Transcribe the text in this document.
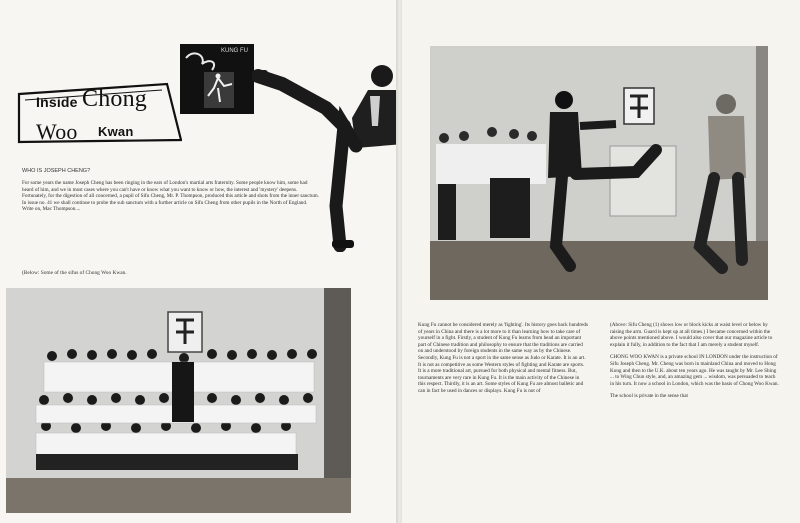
Inside Chong
Woo Kwan
KUNG FU
WHO IS JOSEPH CHENG?
For some years the name Joseph Cheng has been ringing in the ears of London's martial arts fraternity. Some people know him, some had heard of him, and we in most cases where you can't have or know what you want to know or how, the interest and 'mystery' deepens. Fortunately, for the digestion of all concerned, a pupil of Sifu Cheng, Mr. P. Thompson, produced this article and shots from the inner sanctum. In issue no. 41 we shall continue to probe the sub sanctum with a further article on Sifu Cheng from other pupils in the North of England. Write on, Mac Thompson....
(Below: Some of the sifus of Chong Woo Kwan.

Kung Fu cannot be considered merely as 'fighting'. Its history goes back hundreds of years in China and there is a lot more to it than learning how to take care of yourself in a fight. Firstly, a student of Kung Fu learns from head an important part of Chinese tradition and philosophy to ensure that the traditions are carried on and understood by foreign students in the same way as by the Chinese. Secondly, Kung Fu is not a sport in the same sense as Judo or Karate. It is an art. It is not as competitive as some Western styles of fighting and Karate are sports. It is a more traditional art, pursued for both physical and mental fitness. But, tournaments are very rare in Kung Fu. It is the main activity of the Chinese in this respect. Thirdly, it is an art. Some styles of Kung Fu are almost balletic and can in fact be used in dances or displays. Kung Fu is not of

(Above: Sifu Cheng (1) shows low or block kicks at waist level or below by raising the arm. Guard is kept up at all times.) I became concerned within the above points mentioned above. I would also cover that our magazine article to explain it fully, in addition to the fact that I am merely a student myself.

CHONG WOO KWAN is a private school IN LONDON under the instruction of Sifu Joseph Cheng. Mr. Cheng was born in mainland China and moved to Hong Kong and then to the U.K. about ten years ago. He was taught by Mr. Lee Shing ... to Wing Chun style, and, an amazing gem ... wisdom, was persuaded to teach in his turn. It now a school in London, which was the basis of Chong Woo Kwan.

The school is private in the sense that
